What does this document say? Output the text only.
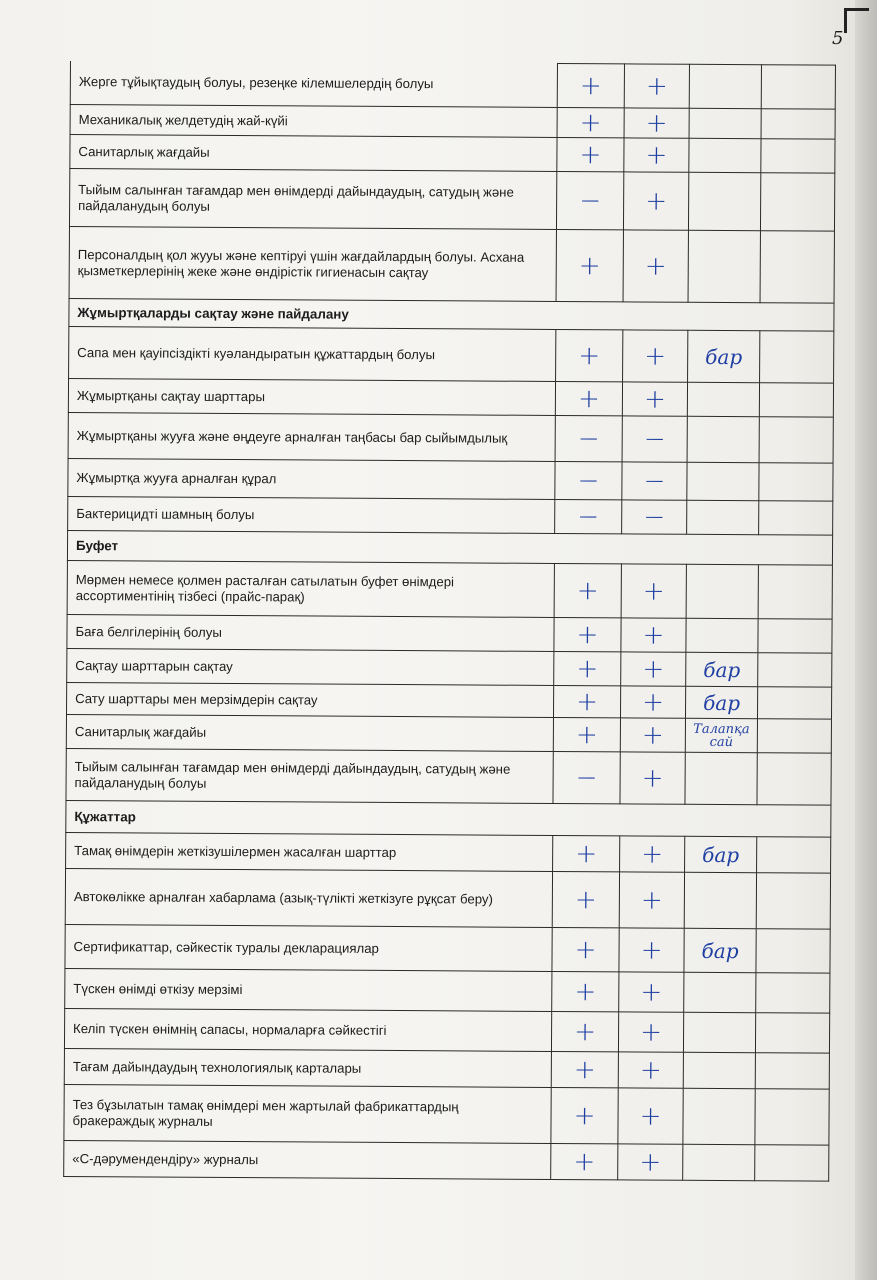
5
Жерге тұйықтаудың болуы, резеңке кілемшелердің болуы	+	+		
Механикалық желдетудің жай-күйі	+	+		
Санитарлық жағдайы	+	+		
Тыйым салынған тағамдар мен өнімдерді дайындаудың, сатудың және пайдаланудың болуы	−	+		
Персоналдың қол жууы және кептіруі үшін жағдайлардың болуы. Асхана қызметкерлерінің жеке және өндірістік гигиенасын сақтау	+	+		
Жұмыртқаларды сақтау және пайдалану				
Сапа мен қауіпсіздікті куәландыратын құжаттардың болуы	+	+	бар	
Жұмыртқаны сақтау шарттары	+	+		
Жұмыртқаны жууға және өңдеуге арналған таңбасы бар сыйымдылық	−	−		
Жұмыртқа жууға арналған құрал	−	−		
Бактерицидті шамның болуы	−	−		
Буфет				
Мөрмен немесе қолмен расталған сатылатын буфет өнімдері ассортиментінің тізбесі (прайс-парақ)	+	+		
Баға белгілерінің болуы	+	+		
Сақтау шарттарын сақтау	+	+	бар	
Сату шарттары мен мерзімдерін сақтау	+	+	бар	
Санитарлық жағдайы	+	+	Талапқа сай	
Тыйым салынған тағамдар мен өнімдерді дайындаудың, сатудың және пайдаланудың болуы	−	+		
Құжаттар				
Тамақ өнімдерін жеткізушілермен жасалған шарттар	+	+	бар	
Автокөлікке арналған хабарлама (азық-түлікті жеткізуге рұқсат беру)	+	+		
Сертификаттар, сәйкестік туралы декларациялар	+	+	бар	
Түскен өнімді өткізу мерзімі	+	+		
Келіп түскен өнімнің сапасы, нормаларға сәйкестігі	+	+		
Тағам дайындаудың технологиялық карталары	+	+		
Тез бұзылатын тамақ өнімдері мен жартылай фабрикаттардың бракераждық журналы	+	+		
«С-дәрумендендіру» журналы	+	+		
